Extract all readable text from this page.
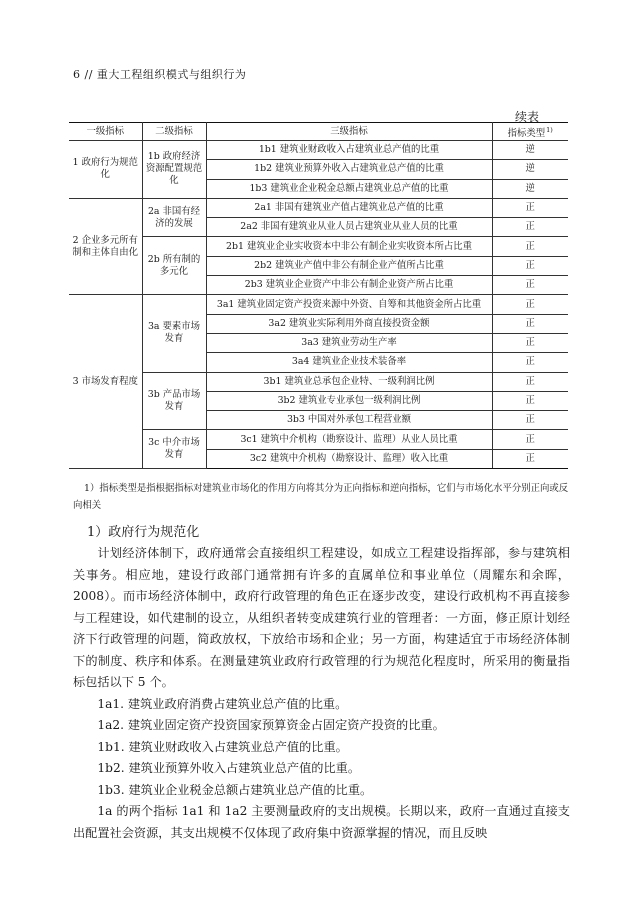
6 // 重大工程组织模式与组织行为
续表
一级指标	二级指标	三级指标	指标类型$^{1)}$
1 政府行为规范化	1b 政府经济资源配置规范化	1b1 建筑业财政收入占建筑业总产值的比重	逆
		1b2 建筑业预算外收入占建筑业总产值的比重	逆
		1b3 建筑业企业税金总额占建筑业总产值的比重	逆
2 企业多元所有制和主体自由化	2a 非国有经济的发展	2a1 非国有建筑业产值占建筑业总产值的比重	正
		2a2 非国有建筑业从业人员占建筑业从业人员的比重	正
	2b 所有制的多元化	2b1 建筑业企业实收资本中非公有制企业实收资本所占比重	正
		2b2 建筑业产值中非公有制企业产值所占比重	正
		2b3 建筑业企业资产中非公有制企业资产所占比重	正
3 市场发育程度	3a 要素市场发育	3a1 建筑业固定资产投资来源中外资、自筹和其他资金所占比重	正
		3a2 建筑业实际利用外商直接投资金额	正
		3a3 建筑业劳动生产率	正
		3a4 建筑业企业技术装备率	正
	3b 产品市场发育	3b1 建筑业总承包企业特、一级利润比例	正
		3b2 建筑业专业承包一级利润比例	正
		3b3 中国对外承包工程营业额	正
	3c 中介市场发育	3c1 建筑中介机构（勘察设计、监理）从业人员比重	正
		3c2 建筑中介机构（勘察设计、监理）收入比重	正
1）指标类型是指根据指标对建筑业市场化的作用方向将其分为正向指标和逆向指标，它们与市场化水平分别正向或反向相关
1）政府行为规范化

计划经济体制下，政府通常会直接组织工程建设，如成立工程建设指挥部，参与建筑相关事务。相应地，建设行政部门通常拥有许多的直属单位和事业单位（周耀东和余晖，2008）。而市场经济体制中，政府行政管理的角色正在逐步改变，建设行政机构不再直接参与工程建设，如代建制的设立，从组织者转变成建筑行业的管理者：一方面，修正原计划经济下行政管理的问题，简政放权，下放给市场和企业；另一方面，构建适宜于市场经济体制下的制度、秩序和体系。在测量建筑业政府行政管理的行为规范化程度时，所采用的衡量指标包括以下 5 个。

1a1. 建筑业政府消费占建筑业总产值的比重。

1a2. 建筑业固定资产投资国家预算资金占固定资产投资的比重。

1b1. 建筑业财政收入占建筑业总产值的比重。

1b2. 建筑业预算外收入占建筑业总产值的比重。

1b3. 建筑业企业税金总额占建筑业总产值的比重。

1a 的两个指标 1a1 和 1a2 主要测量政府的支出规模。长期以来，政府一直通过直接支出配置社会资源，其支出规模不仅体现了政府集中资源掌握的情况，而且反映
